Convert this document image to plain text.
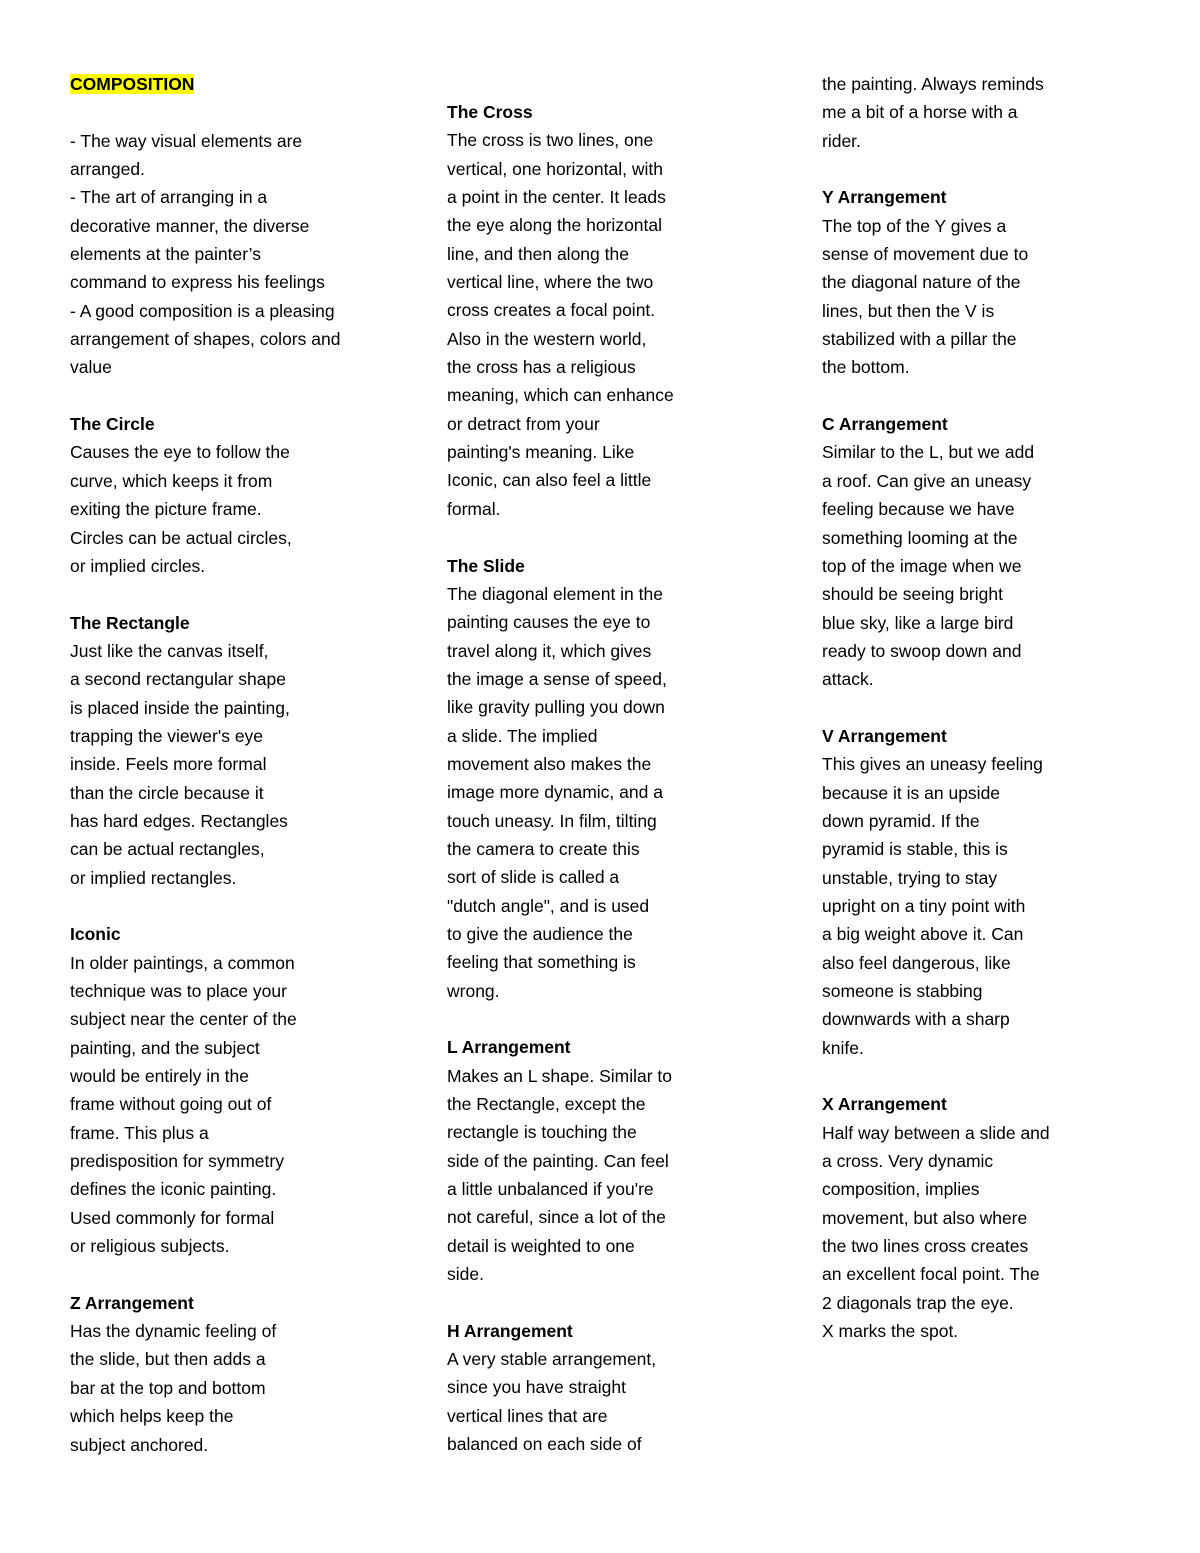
COMPOSITION
- The way visual elements are
arranged.
- The art of arranging in a
decorative manner, the diverse
elements at the painter’s
command to express his feelings
- A good composition is a pleasing
arrangement of shapes, colors and
value
The Circle
Causes the eye to follow the
curve, which keeps it from
exiting the picture frame.
Circles can be actual circles,
or implied circles.
The Rectangle
Just like the canvas itself,
a second rectangular shape
is placed inside the painting,
trapping the viewer's eye
inside. Feels more formal
than the circle because it
has hard edges. Rectangles
can be actual rectangles,
or implied rectangles.
Iconic
In older paintings, a common
technique was to place your
subject near the center of the
painting, and the subject
would be entirely in the
frame without going out of
frame. This plus a
predisposition for symmetry
defines the iconic painting.
Used commonly for formal
or religious subjects.
Z Arrangement
Has the dynamic feeling of
the slide, but then adds a
bar at the top and bottom
which helps keep the
subject anchored.
The Cross
The cross is two lines, one
vertical, one horizontal, with
a point in the center. It leads
the eye along the horizontal
line, and then along the
vertical line, where the two
cross creates a focal point.
Also in the western world,
the cross has a religious
meaning, which can enhance
or detract from your
painting's meaning. Like
Iconic, can also feel a little
formal.
The Slide
The diagonal element in the
painting causes the eye to
travel along it, which gives
the image a sense of speed,
like gravity pulling you down
a slide. The implied
movement also makes the
image more dynamic, and a
touch uneasy. In film, tilting
the camera to create this
sort of slide is called a
"dutch angle", and is used
to give the audience the
feeling that something is
wrong.
L Arrangement
Makes an L shape. Similar to
the Rectangle, except the
rectangle is touching the
side of the painting. Can feel
a little unbalanced if you're
not careful, since a lot of the
detail is weighted to one
side.
H Arrangement
A very stable arrangement,
since you have straight
vertical lines that are
balanced on each side of
the painting. Always reminds
me a bit of a horse with a
rider.
Y Arrangement
The top of the Y gives a
sense of movement due to
the diagonal nature of the
lines, but then the V is
stabilized with a pillar the
the bottom.
C Arrangement
Similar to the L, but we add
a roof. Can give an uneasy
feeling because we have
something looming at the
top of the image when we
should be seeing bright
blue sky, like a large bird
ready to swoop down and
attack.
V Arrangement
This gives an uneasy feeling
because it is an upside
down pyramid. If the
pyramid is stable, this is
unstable, trying to stay
upright on a tiny point with
a big weight above it. Can
also feel dangerous, like
someone is stabbing
downwards with a sharp
knife.
X Arrangement
Half way between a slide and
a cross. Very dynamic
composition, implies
movement, but also where
the two lines cross creates
an excellent focal point. The
2 diagonals trap the eye.
X marks the spot.
